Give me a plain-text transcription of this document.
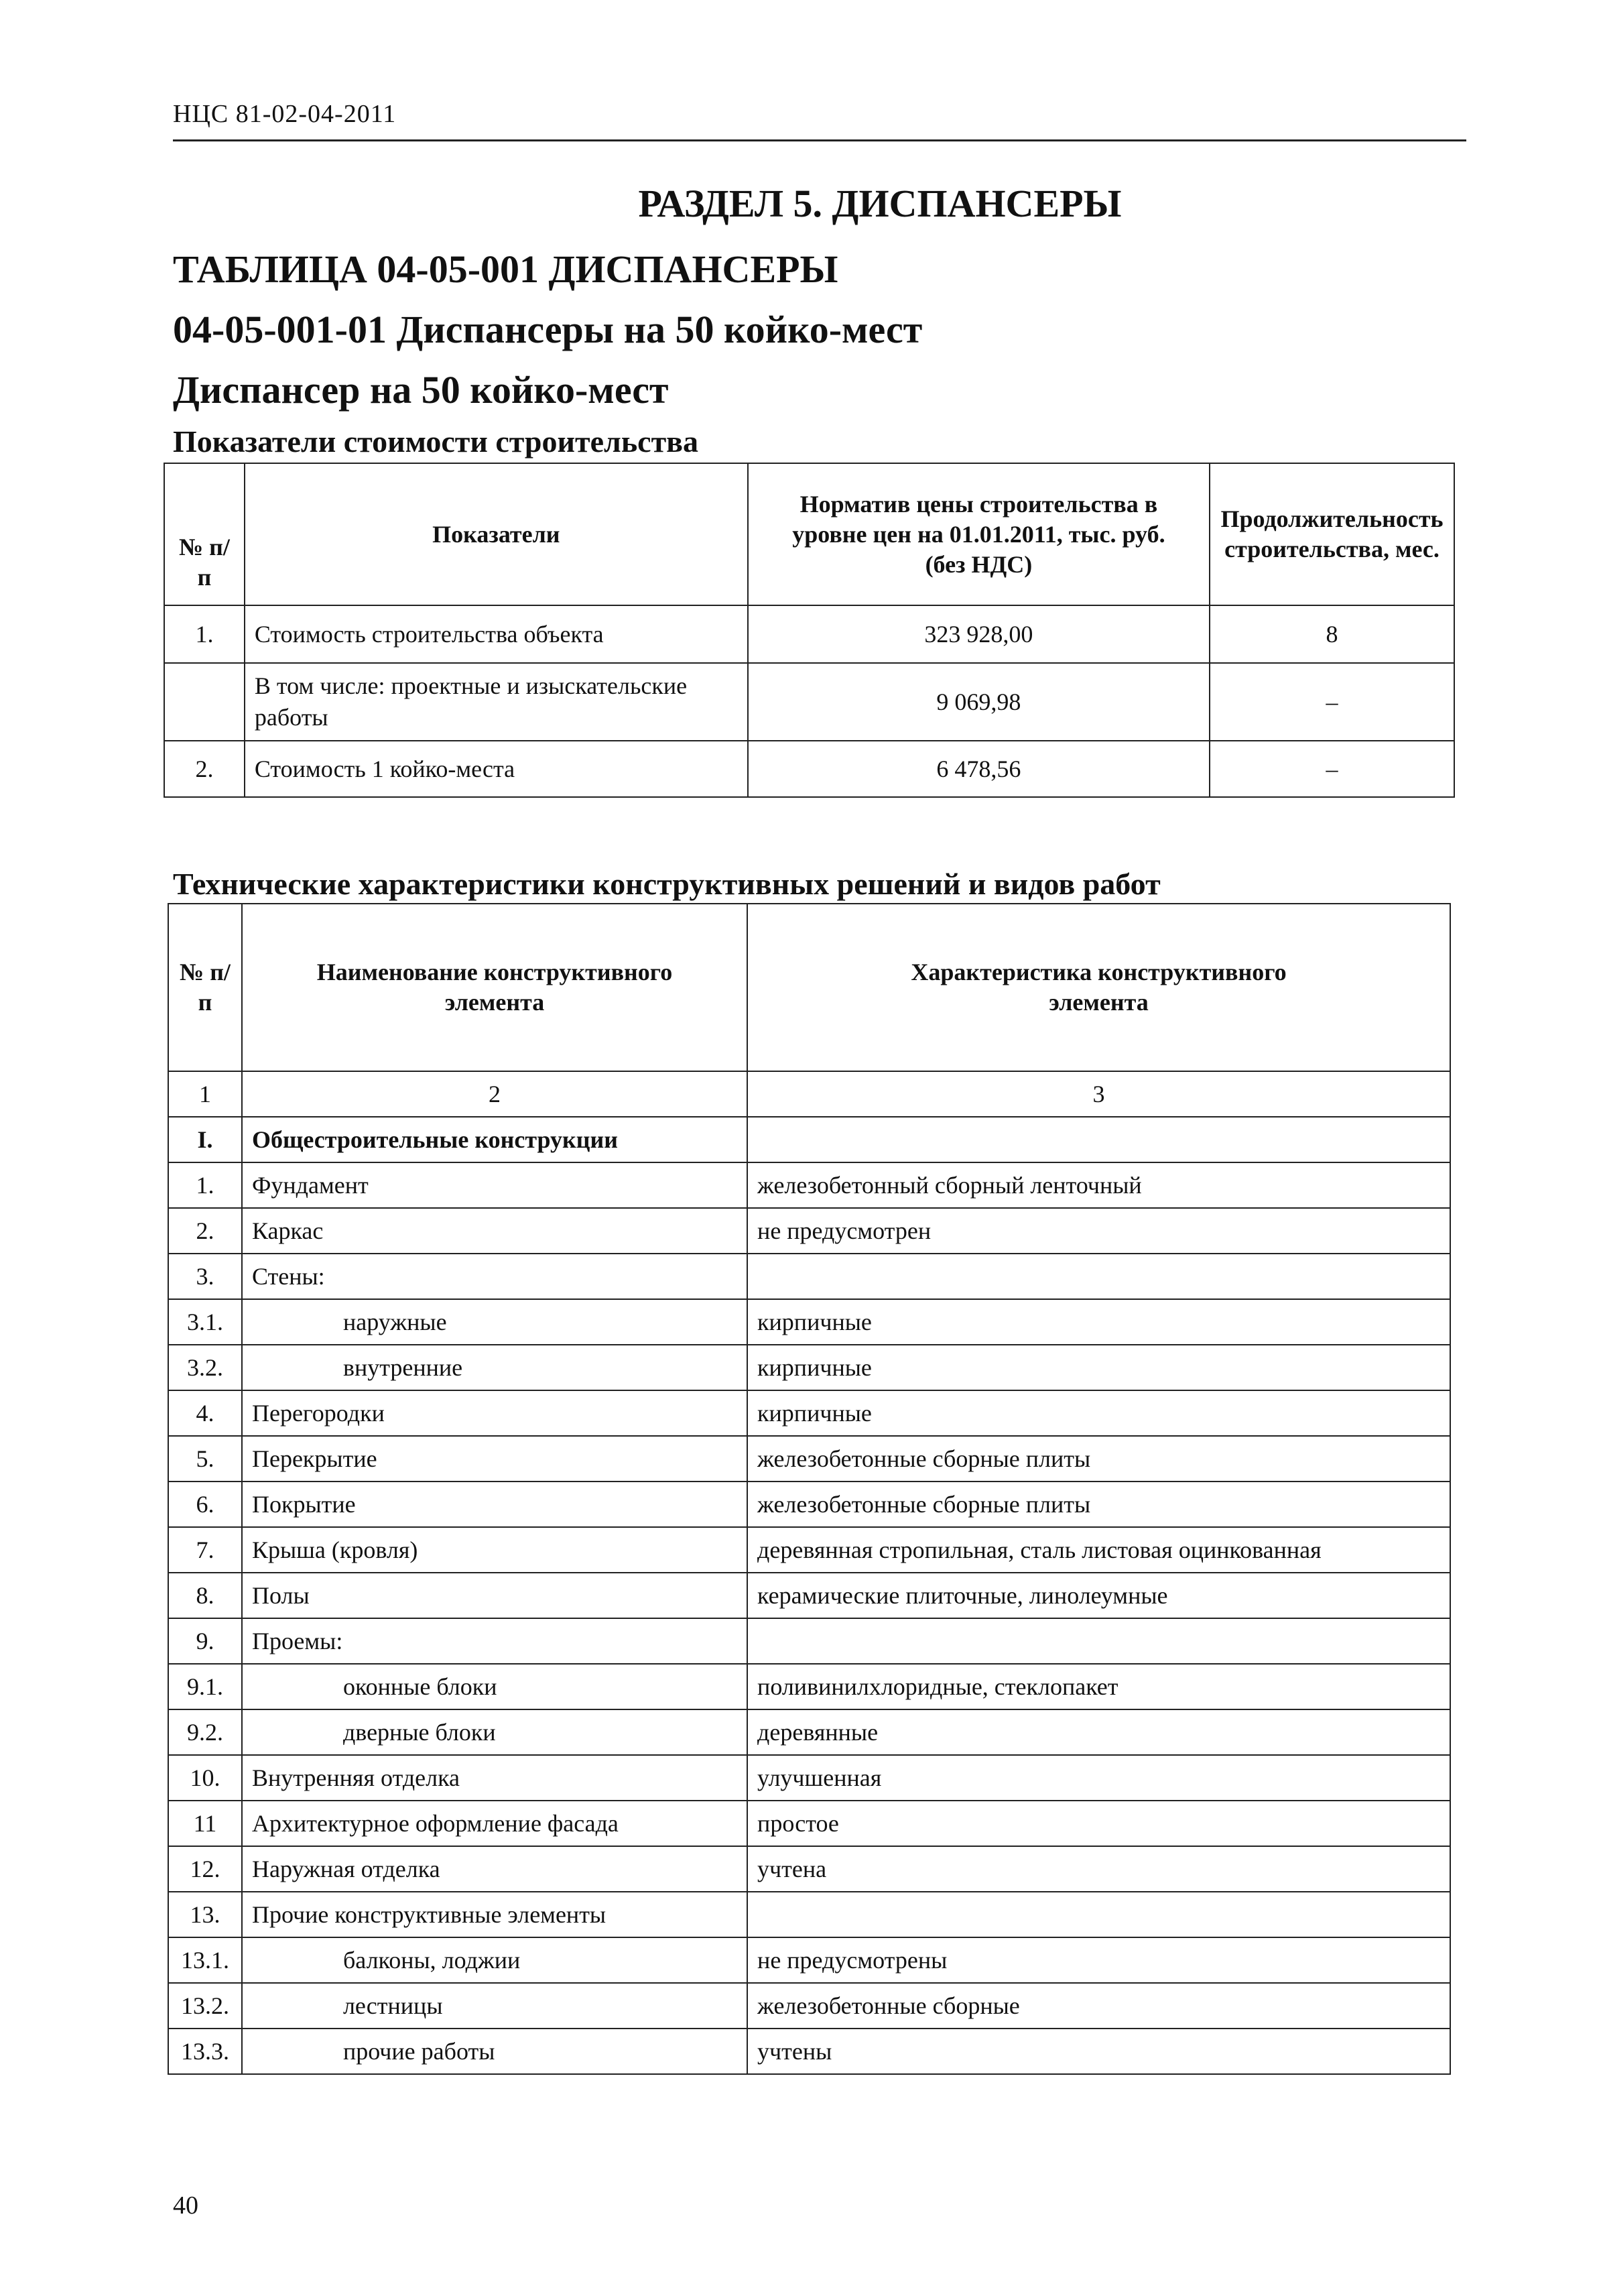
НЦС 81-02-04-2011
РАЗДЕЛ 5. ДИСПАНСЕРЫ
ТАБЛИЦА 04-05-001 ДИСПАНСЕРЫ
04-05-001-01 Диспансеры на 50 койко-мест
Диспансер на 50 койко-мест
Показатели стоимости строительства
№ п/п	Показатели	Норматив цены строительства в уровне цен на 01.01.2011, тыс. руб. (без НДС)	Продолжительность строительства, мес.
1.	Стоимость строительства объекта	323 928,00	8
	В том числе: проектные и изыскательские работы	9 069,98	–
2.	Стоимость 1 койко-места	6 478,56	–
Технические характеристики конструктивных решений и видов работ
№ п/п	Наименование конструктивного элемента	Характеристика конструктивного элемента
1	2	3
I.	Общестроительные конструкции	
1.	Фундамент	железобетонный сборный ленточный
2.	Каркас	не предусмотрен
3.	Стены:	
3.1.	наружные	кирпичные
3.2.	внутренние	кирпичные
4.	Перегородки	кирпичные
5.	Перекрытие	железобетонные сборные плиты
6.	Покрытие	железобетонные сборные плиты
7.	Крыша (кровля)	деревянная стропильная, сталь листовая оцинкованная
8.	Полы	керамические плиточные, линолеумные
9.	Проемы:	
9.1.	оконные блоки	поливинилхлоридные, стеклопакет
9.2.	дверные блоки	деревянные
10.	Внутренняя отделка	улучшенная
11	Архитектурное оформление фасада	простое
12.	Наружная отделка	учтена
13.	Прочие конструктивные элементы	
13.1.	балконы, лоджии	не предусмотрены
13.2.	лестницы	железобетонные сборные
13.3.	прочие работы	учтены
40
